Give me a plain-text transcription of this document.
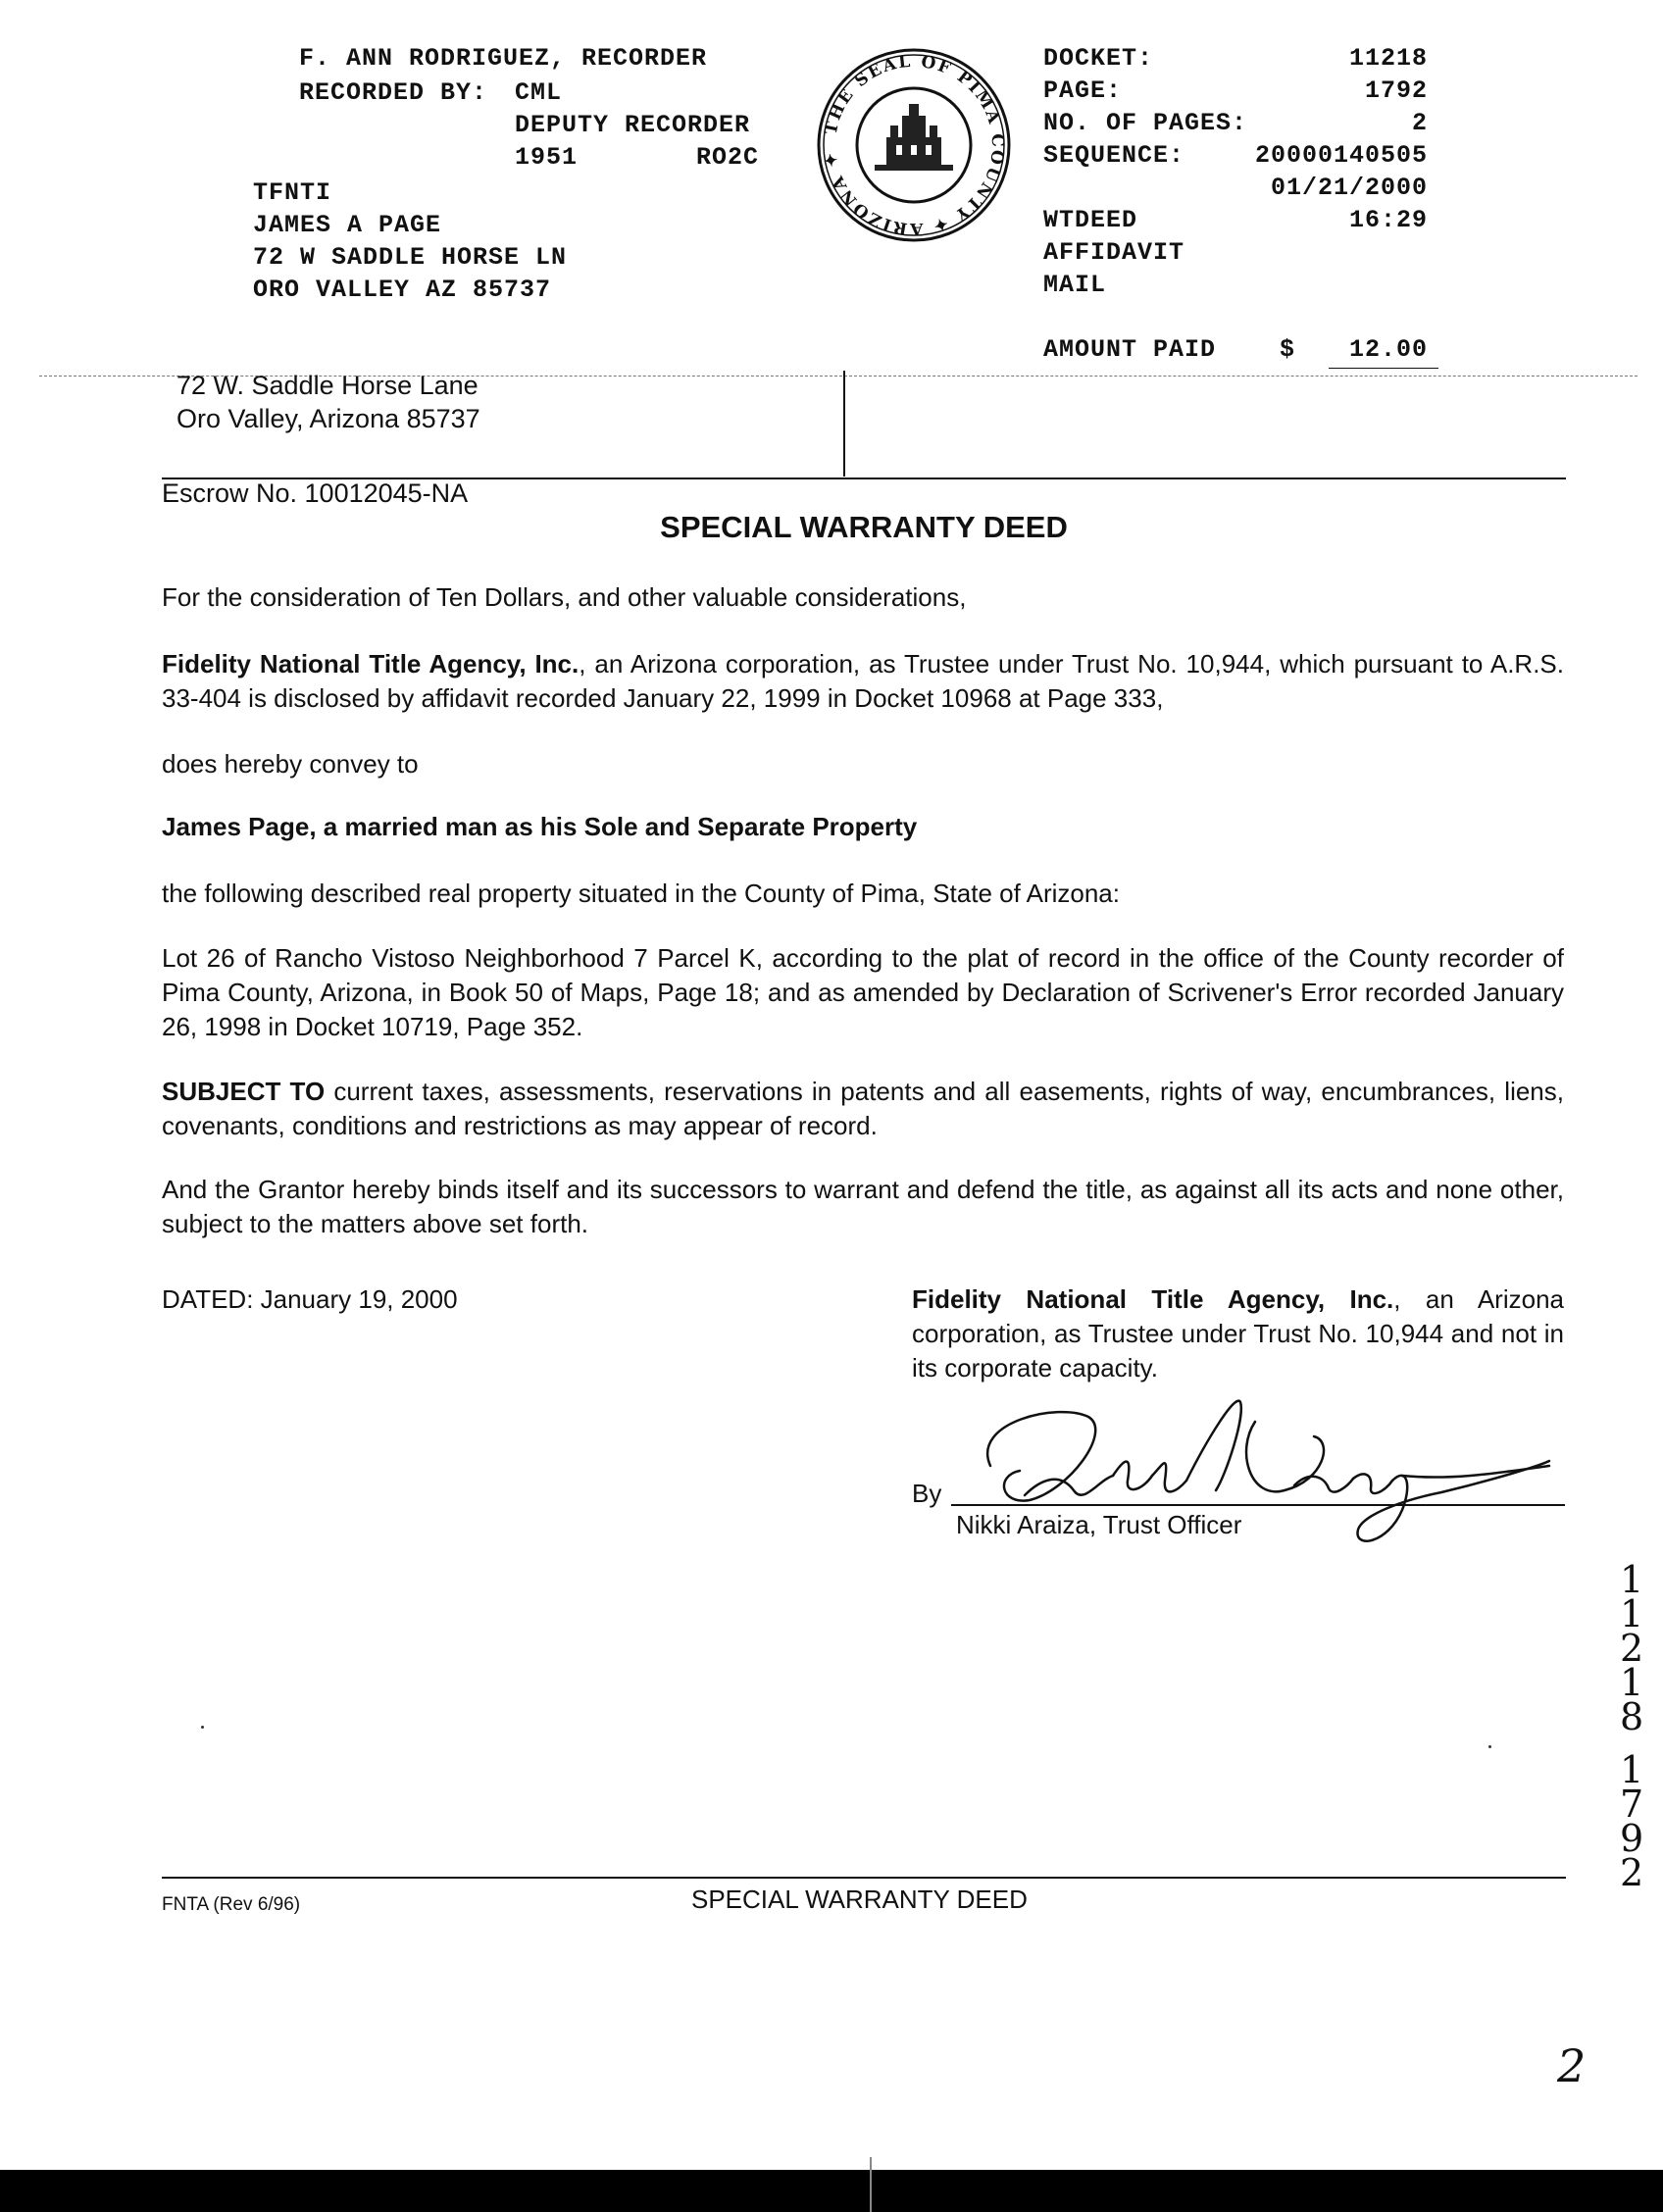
F. ANN RODRIGUEZ, RECORDER
RECORDED BY: CML
DEPUTY RECORDER
1951	RO2C
TFNTI
JAMES A PAGE
72 W SADDLE HORSE LN
ORO VALLEY AZ 85737
THE SEAL OF PIMA COUNTY ✦ ARIZONA ✦
DOCKET:	11218
PAGE:	1792
NO. OF PAGES:	2
SEQUENCE:	20000140505
01/21/2000
WTDEED	16:29
AFFIDAVIT
MAIL
AMOUNT PAID	$ 12.00
72 W. Saddle Horse Lane
Oro Valley, Arizona 85737
Escrow No. 10012045-NA
SPECIAL WARRANTY DEED
For the consideration of Ten Dollars, and other valuable considerations,
Fidelity National Title Agency, Inc., an Arizona corporation, as Trustee under Trust No. 10,944, which pursuant to A.R.S. 33-404 is disclosed by affidavit recorded January 22, 1999 in Docket 10968 at Page 333,
does hereby convey to
James Page, a married man as his Sole and Separate Property
the following described real property situated in the County of Pima, State of Arizona:
Lot 26 of Rancho Vistoso Neighborhood 7 Parcel K, according to the plat of record in the office of the County recorder of Pima County, Arizona, in Book 50 of Maps, Page 18; and as amended by Declaration of Scrivener's Error recorded January 26, 1998 in Docket 10719, Page 352.
SUBJECT TO current taxes, assessments, reservations in patents and all easements, rights of way, encumbrances, liens, covenants, conditions and restrictions as may appear of record.
And the Grantor hereby binds itself and its successors to warrant and defend the title, as against all its acts and none other, subject to the matters above set forth.
DATED: January 19, 2000	Fidelity National Title Agency, Inc., an Arizona corporation, as Trustee under Trust No. 10,944 and not in its corporate capacity.
By
Nikki Araiza, Trust Officer
FNTA (Rev 6/96)	SPECIAL WARRANTY DEED
1
1
2
1
8
1
7
9
2
2
